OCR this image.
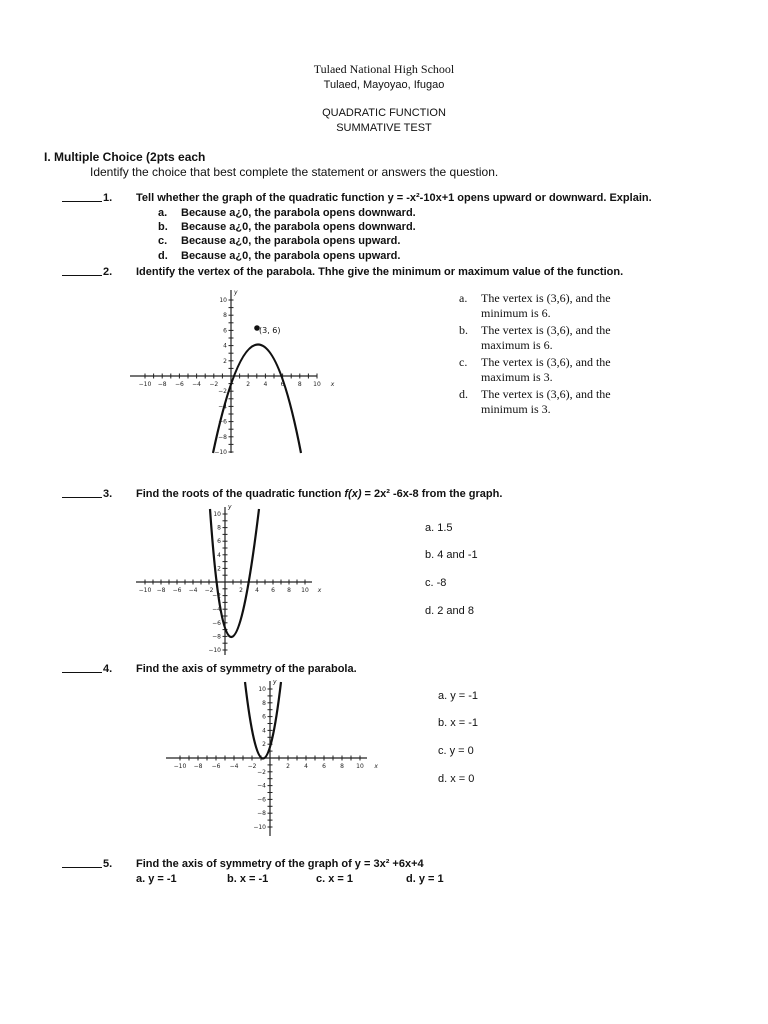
Tulaed National High School
Tulaed, Mayoyao, Ifugao
QUADRATIC FUNCTION
SUMMATIVE TEST
I. Multiple Choice (2pts each
Identify the choice that best complete the statement or answers the question.
1. Tell whether the graph of the quadratic function y = -x²-10x+1 opens upward or downward. Explain.
a. Because a¿0, the parabola opens downward.
b. Because a¿0, the parabola opens downward.
c. Because a¿0, the parabola opens upward.
d. Because a¿0, the parabola opens upward.
2. Identify the vertex of the parabola. Thhe give the minimum or maximum value of the function.
−10 −8 −6 −4 −2	2 4 6 8 10 x
10
8
6
4
2
−2
−4
−6
−8
−10
y
(3, 6)
a. The vertex is (3,6), and the
minimum is 6.
b. The vertex is (3,6), and the
maximum is 6.
c. The vertex is (3,6), and the
maximum is 3.
d. The vertex is (3,6), and the
minimum is 3.
3. Find the roots of the quadratic function f(x) = 2x² -6x-8 from the graph.
−10 −8 −6 −4 −2	2 4 6 8 10 x
10
8
6
4
2
−2
−4
−6
−8
−10
y
a. 1.5
b. 4 and -1
c. -8
d. 2 and 8
4. Find the axis of symmetry of the parabola.
−10 −8 −6 −4 −2	2 4 6 8 10 x
10
8
6
4
2
−2
−4
−6
−8
−10
y
a. y = -1
b. x = -1
c. y = 0
d. x = 0
5. Find the axis of symmetry of the graph of y = 3x² +6x+4
a. y = -1	b. x = -1	c. x = 1	d. y = 1
